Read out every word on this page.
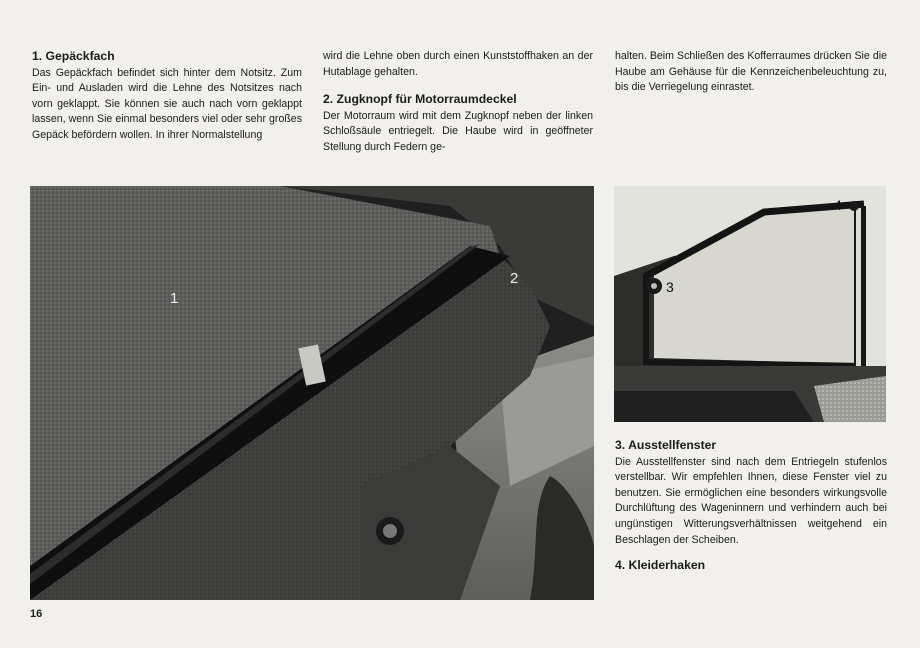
1. Gepäckfach

Das Gepäckfach befindet sich hinter dem Notsitz. Zum Ein- und Ausladen wird die Lehne des Notsitzes nach vorn geklappt. Sie können sie auch nach vorn geklappt lassen, wenn Sie einmal besonders viel oder sehr großes Gepäck befördern wollen. In ihrer Normalstellung

wird die Lehne oben durch einen Kunststoffhaken an der Hutablage gehalten.

2. Zugknopf für Motorraumdeckel

Der Motorraum wird mit dem Zugknopf neben der linken Schloßsäule entriegelt. Die Haube wird in geöffneter Stellung durch Federn ge-

halten. Beim Schließen des Kofferraumes drücken Sie die Haube am Gehäuse für die Kennzeichenbeleuchtung zu, bis die Verriegelung einrastet.

1
2	3
4
3. Ausstellfenster

Die Ausstellfenster sind nach dem Entriegeln stufenlos verstellbar. Wir empfehlen Ihnen, diese Fenster viel zu benutzen. Sie ermöglichen eine besonders wirkungsvolle Durchlüftung des Wageninnern und verhindern auch bei ungünstigen Witterungsverhältnissen weitgehend ein Beschlagen der Scheiben.

4. Kleiderhaken
16
